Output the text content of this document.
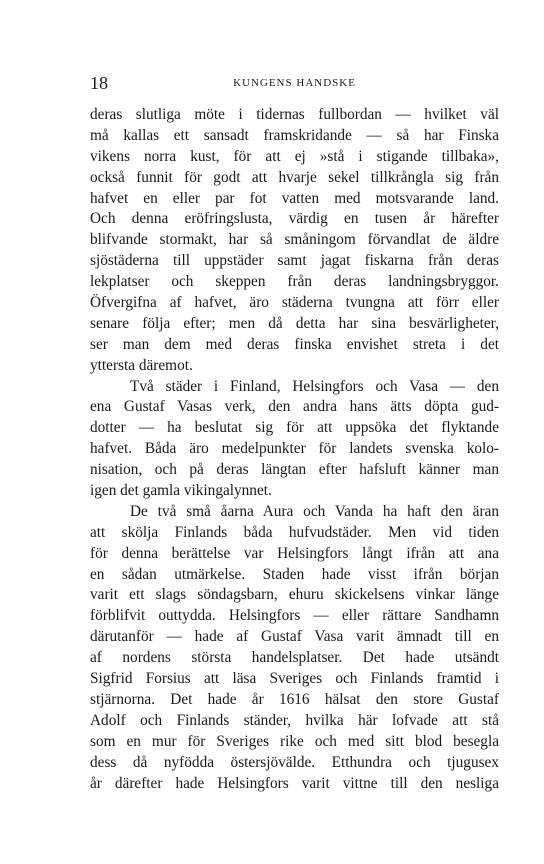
18	KUNGENS HANDSKE
deras slutliga möte i tidernas fullbordan — hvilket väl
må kallas ett sansadt framskridande — så har Finska
vikens norra kust, för att ej »stå i stigande tillbaka»,
också funnit för godt att hvarje sekel tillkrångla sig från
hafvet en eller par fot vatten med motsvarande land.
Och denna eröfringslusta, värdig en tusen år härefter
blifvande stormakt, har så småningom förvandlat de äldre
sjöstäderna till uppstäder samt jagat fiskarna från deras
lekplatser och skeppen från deras landningsbryggor.
Öfvergifna af hafvet, äro städerna tvungna att förr eller
senare följa efter; men då detta har sina besvärligheter,
ser man dem med deras finska envishet streta i det
yttersta däremot.
Två städer i Finland, Helsingfors och Vasa — den
ena Gustaf Vasas verk, den andra hans ätts döpta gud-
dotter — ha beslutat sig för att uppsöka det flyktande
hafvet. Båda äro medelpunkter för landets svenska kolo-
nisation, och på deras längtan efter hafsluft känner man
igen det gamla vikingalynnet.
De två små åarna Aura och Vanda ha haft den äran
att skölja Finlands båda hufvudstäder. Men vid tiden
för denna berättelse var Helsingfors långt ifrån att ana
en sådan utmärkelse. Staden hade visst ifrån början
varit ett slags söndagsbarn, ehuru skickelsens vinkar länge
förblifvit outtydda. Helsingfors — eller rättare Sandhamn
därutanför — hade af Gustaf Vasa varit ämnadt till en
af nordens största handelsplatser. Det hade utsändt
Sigfrid Forsius att läsa Sveriges och Finlands framtid i
stjärnorna. Det hade år 1616 hälsat den store Gustaf
Adolf och Finlands ständer, hvilka här lofvade att stå
som en mur för Sveriges rike och med sitt blod besegla
dess då nyfödda östersjövälde. Etthundra och tjugusex
år därefter hade Helsingfors varit vittne till den nesliga
